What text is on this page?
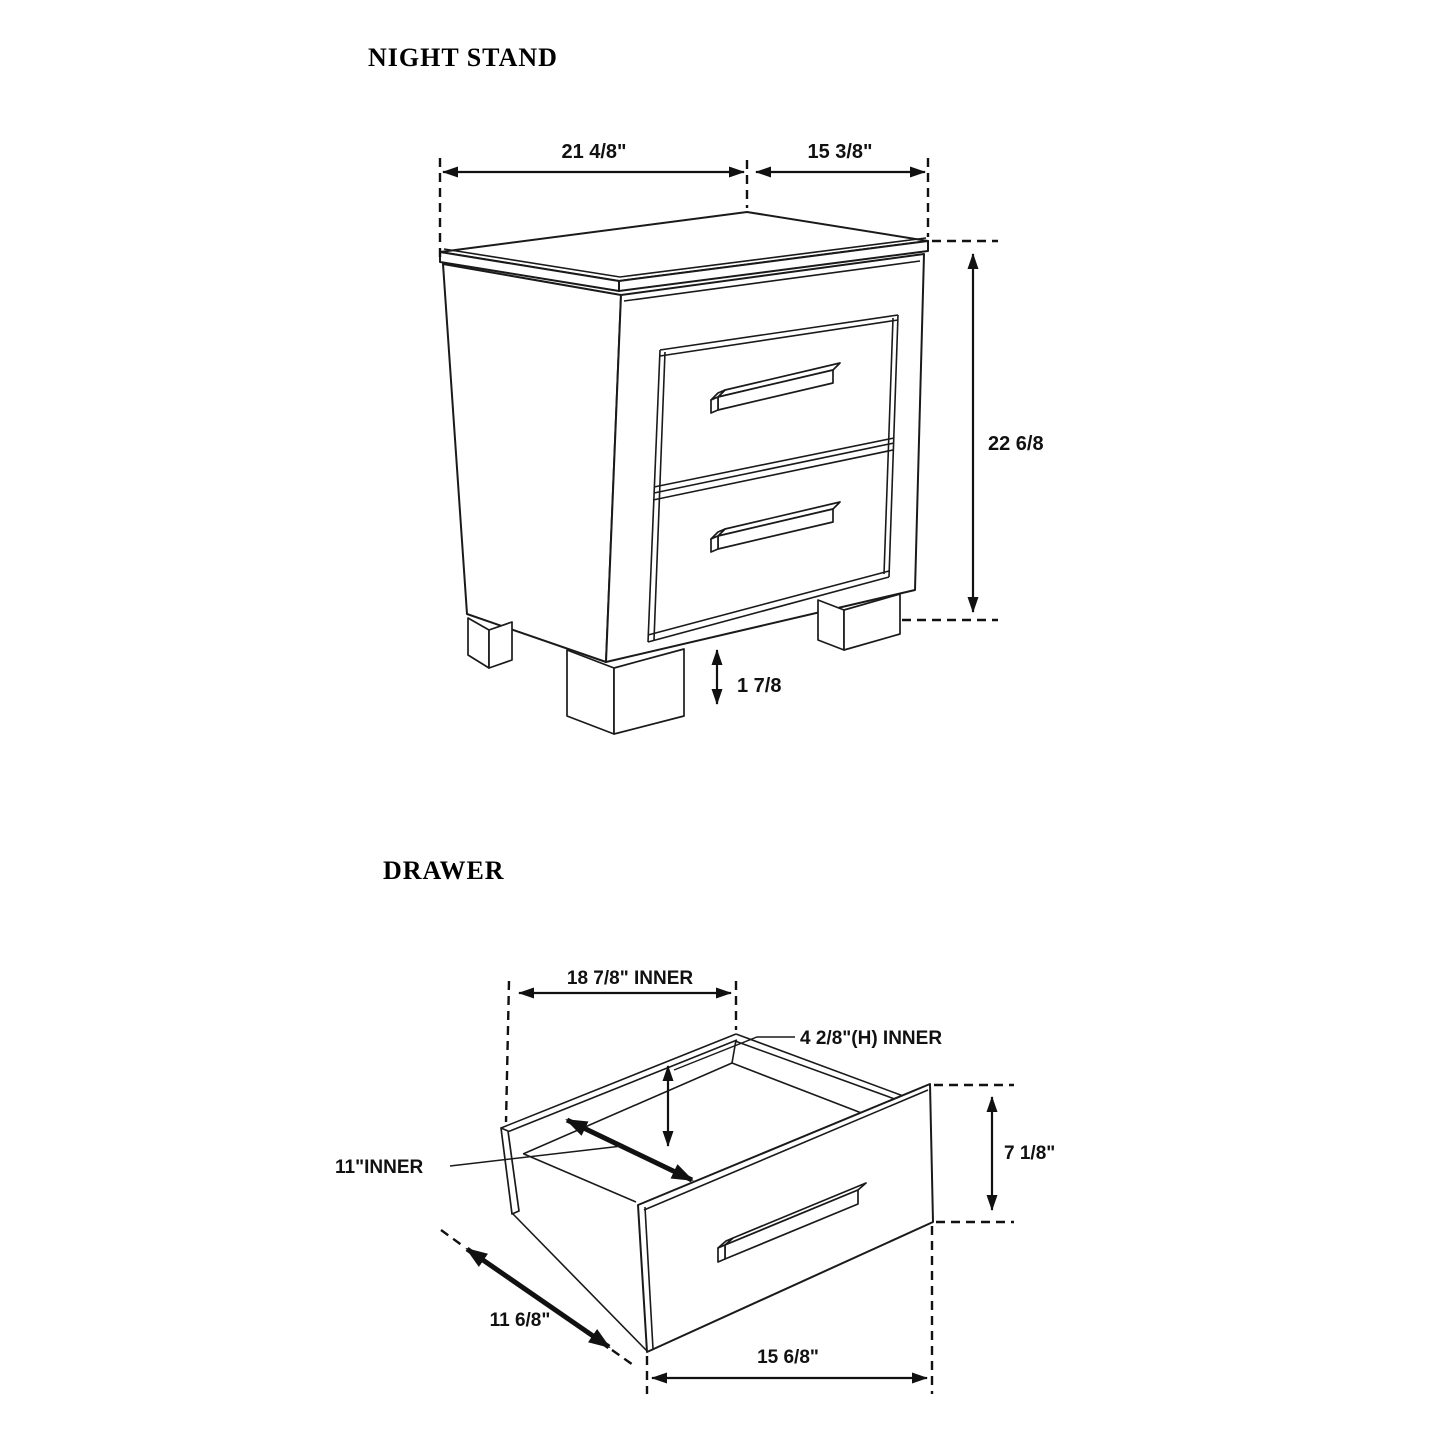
NIGHT STAND
21 4/8"	15 3/8"
22 6/8
1 7/8
DRAWER
18 7/8" INNER
4 2/8"(H) INNER
11"INNER
7 1/8"
11 6/8"
15 6/8"
